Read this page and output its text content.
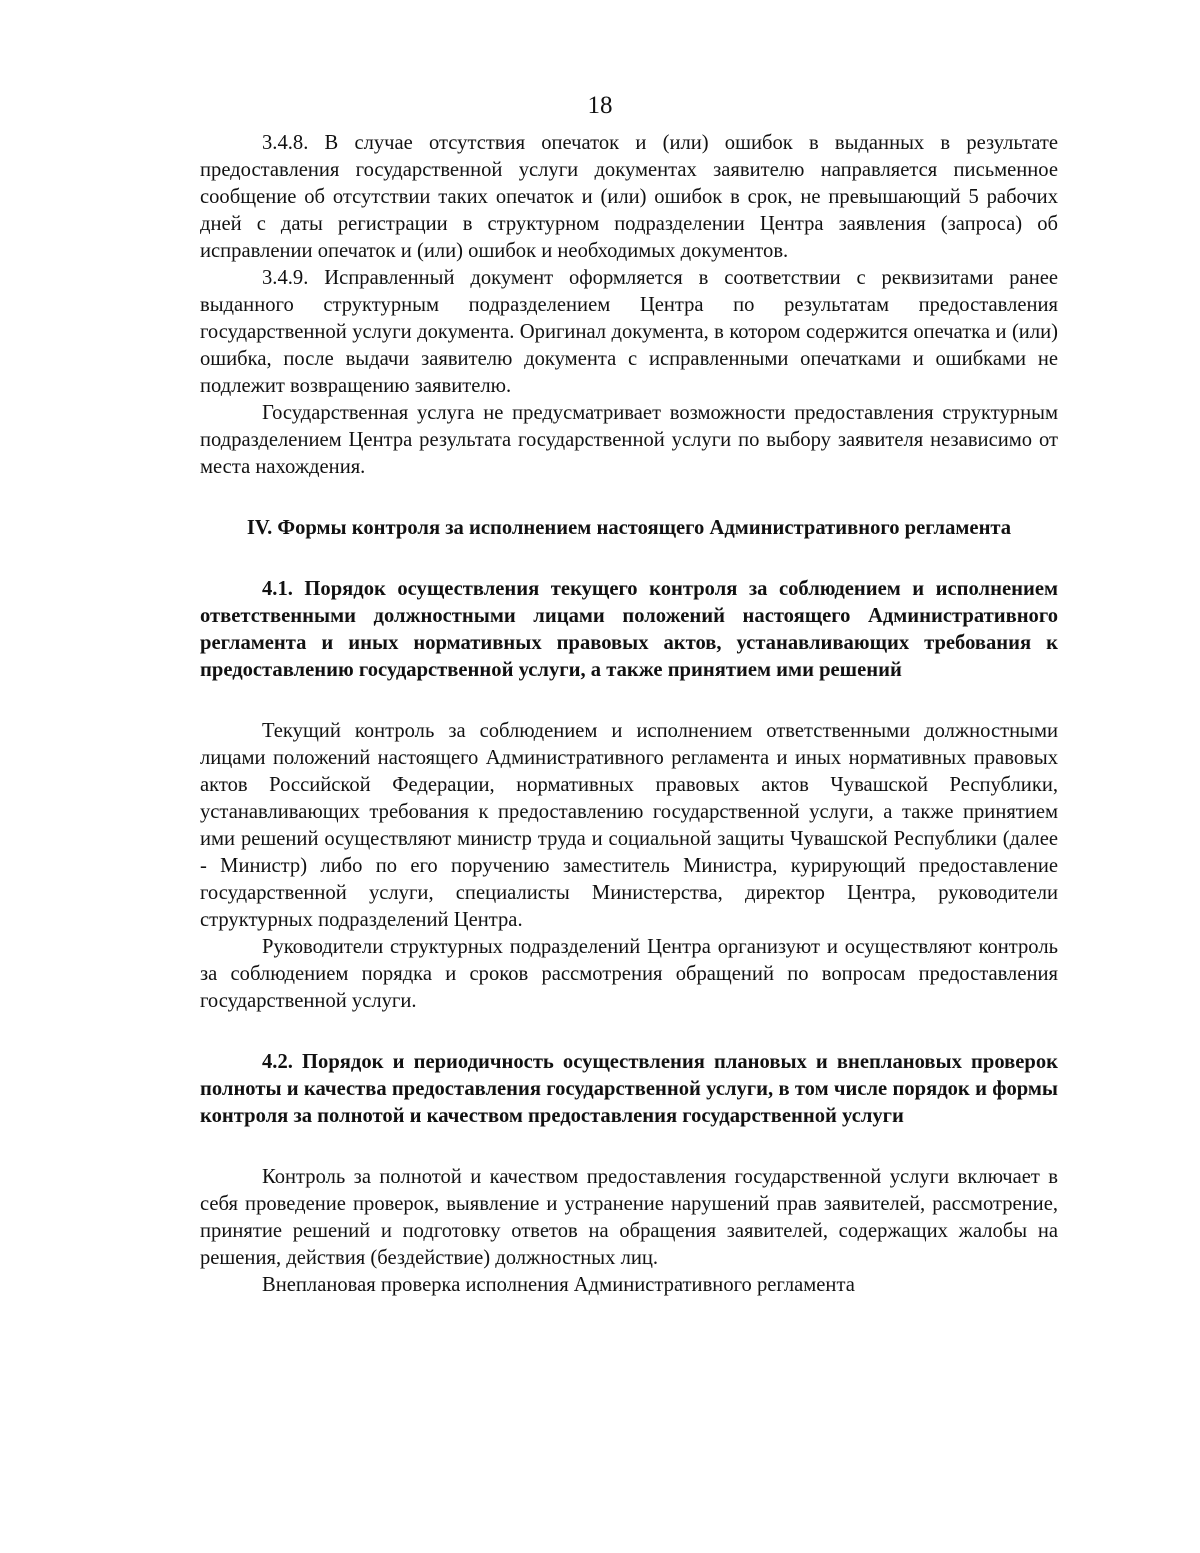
18

3.4.8. В случае отсутствия опечаток и (или) ошибок в выданных в результате предоставления государственной услуги документах заявителю направляется письменное сообщение об отсутствии таких опечаток и (или) ошибок в срок, не превышающий 5 рабочих дней с даты регистрации в структурном подразделении Центра заявления (запроса) об исправлении опечаток и (или) ошибок и необходимых документов.

3.4.9. Исправленный документ оформляется в соответствии с реквизитами ранее выданного структурным подразделением Центра по результатам предоставления государственной услуги документа. Оригинал документа, в котором содержится опечатка и (или) ошибка, после выдачи заявителю документа с исправленными опечатками и ошибками не подлежит возвращению заявителю.

Государственная услуга не предусматривает возможности предоставления структурным подразделением Центра результата государственной услуги по выбору заявителя независимо от места нахождения.

IV. Формы контроля за исполнением настоящего Административного регламента
4.1. Порядок осуществления текущего контроля за соблюдением и исполнением ответственными должностными лицами положений настоящего Административного регламента и иных нормативных правовых актов, устанавливающих требования к предоставлению государственной услуги, а также принятием ими решений

Текущий контроль за соблюдением и исполнением ответственными должностными лицами положений настоящего Административного регламента и иных нормативных правовых актов Российской Федерации, нормативных правовых актов Чувашской Республики, устанавливающих требования к предоставлению государственной услуги, а также принятием ими решений осуществляют министр труда и социальной защиты Чувашской Республики (далее - Министр) либо по его поручению заместитель Министра, курирующий предоставление государственной услуги, специалисты Министерства, директор Центра, руководители структурных подразделений Центра.

Руководители структурных подразделений Центра организуют и осуществляют контроль за соблюдением порядка и сроков рассмотрения обращений по вопросам предоставления государственной услуги.

4.2. Порядок и периодичность осуществления плановых и внеплановых проверок полноты и качества предоставления государственной услуги, в том числе порядок и формы контроля за полнотой и качеством предоставления государственной услуги

Контроль за полнотой и качеством предоставления государственной услуги включает в себя проведение проверок, выявление и устранение нарушений прав заявителей, рассмотрение, принятие решений и подготовку ответов на обращения заявителей, содержащих жалобы на решения, действия (бездействие) должностных лиц.

Внеплановая проверка исполнения Административного регламента
